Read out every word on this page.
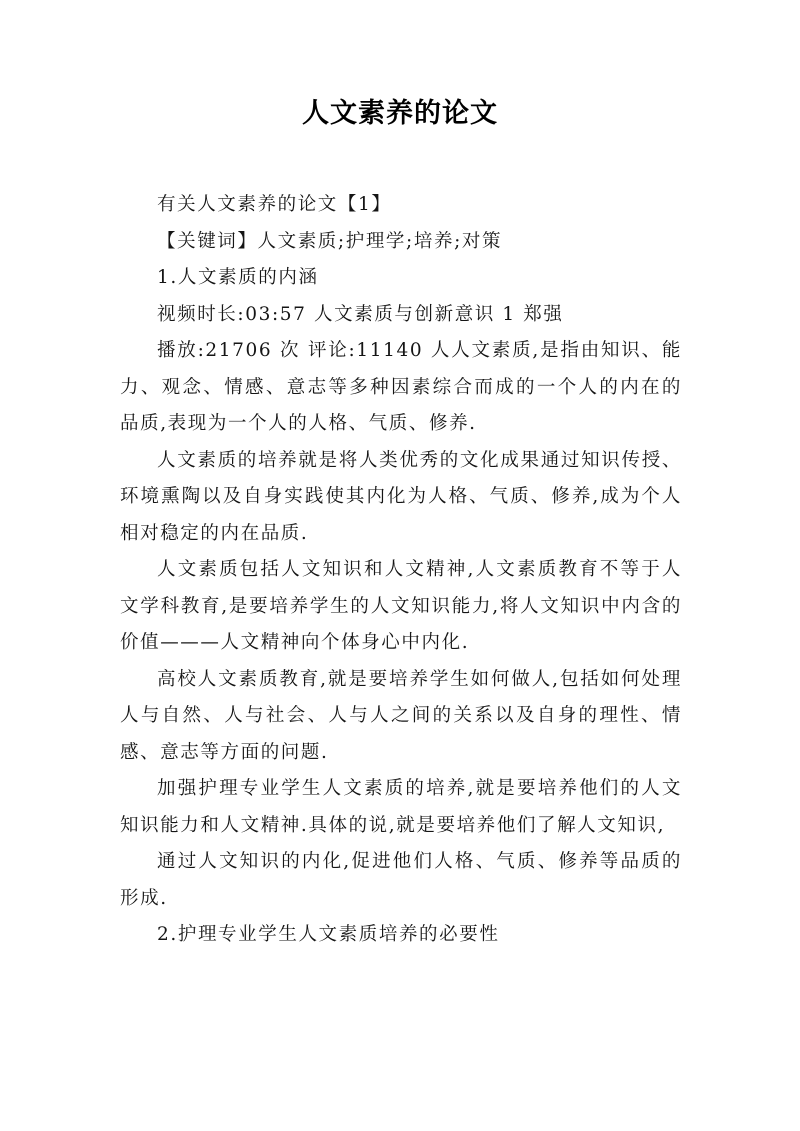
人文素养的论文

有关人文素养的论文【1】

【关键词】人文素质;护理学;培养;对策

1.人文素质的内涵

视频时长:03:57 人文素质与创新意识 1 郑强

播放:21706 次 评论:11140 人人文素质,是指由知识、能力、观念、情感、意志等多种因素综合而成的一个人的内在的品质,表现为一个人的人格、气质、修养.

人文素质的培养就是将人类优秀的文化成果通过知识传授、环境熏陶以及自身实践使其内化为人格、气质、修养,成为个人相对稳定的内在品质.

人文素质包括人文知识和人文精神,人文素质教育不等于人文学科教育,是要培养学生的人文知识能力,将人文知识中内含的价值———人文精神向个体身心中内化.

高校人文素质教育,就是要培养学生如何做人,包括如何处理人与自然、人与社会、人与人之间的关系以及自身的理性、情感、意志等方面的问题.

加强护理专业学生人文素质的培养,就是要培养他们的人文知识能力和人文精神.具体的说,就是要培养他们了解人文知识,

通过人文知识的内化,促进他们人格、气质、修养等品质的形成.

2.护理专业学生人文素质培养的必要性
